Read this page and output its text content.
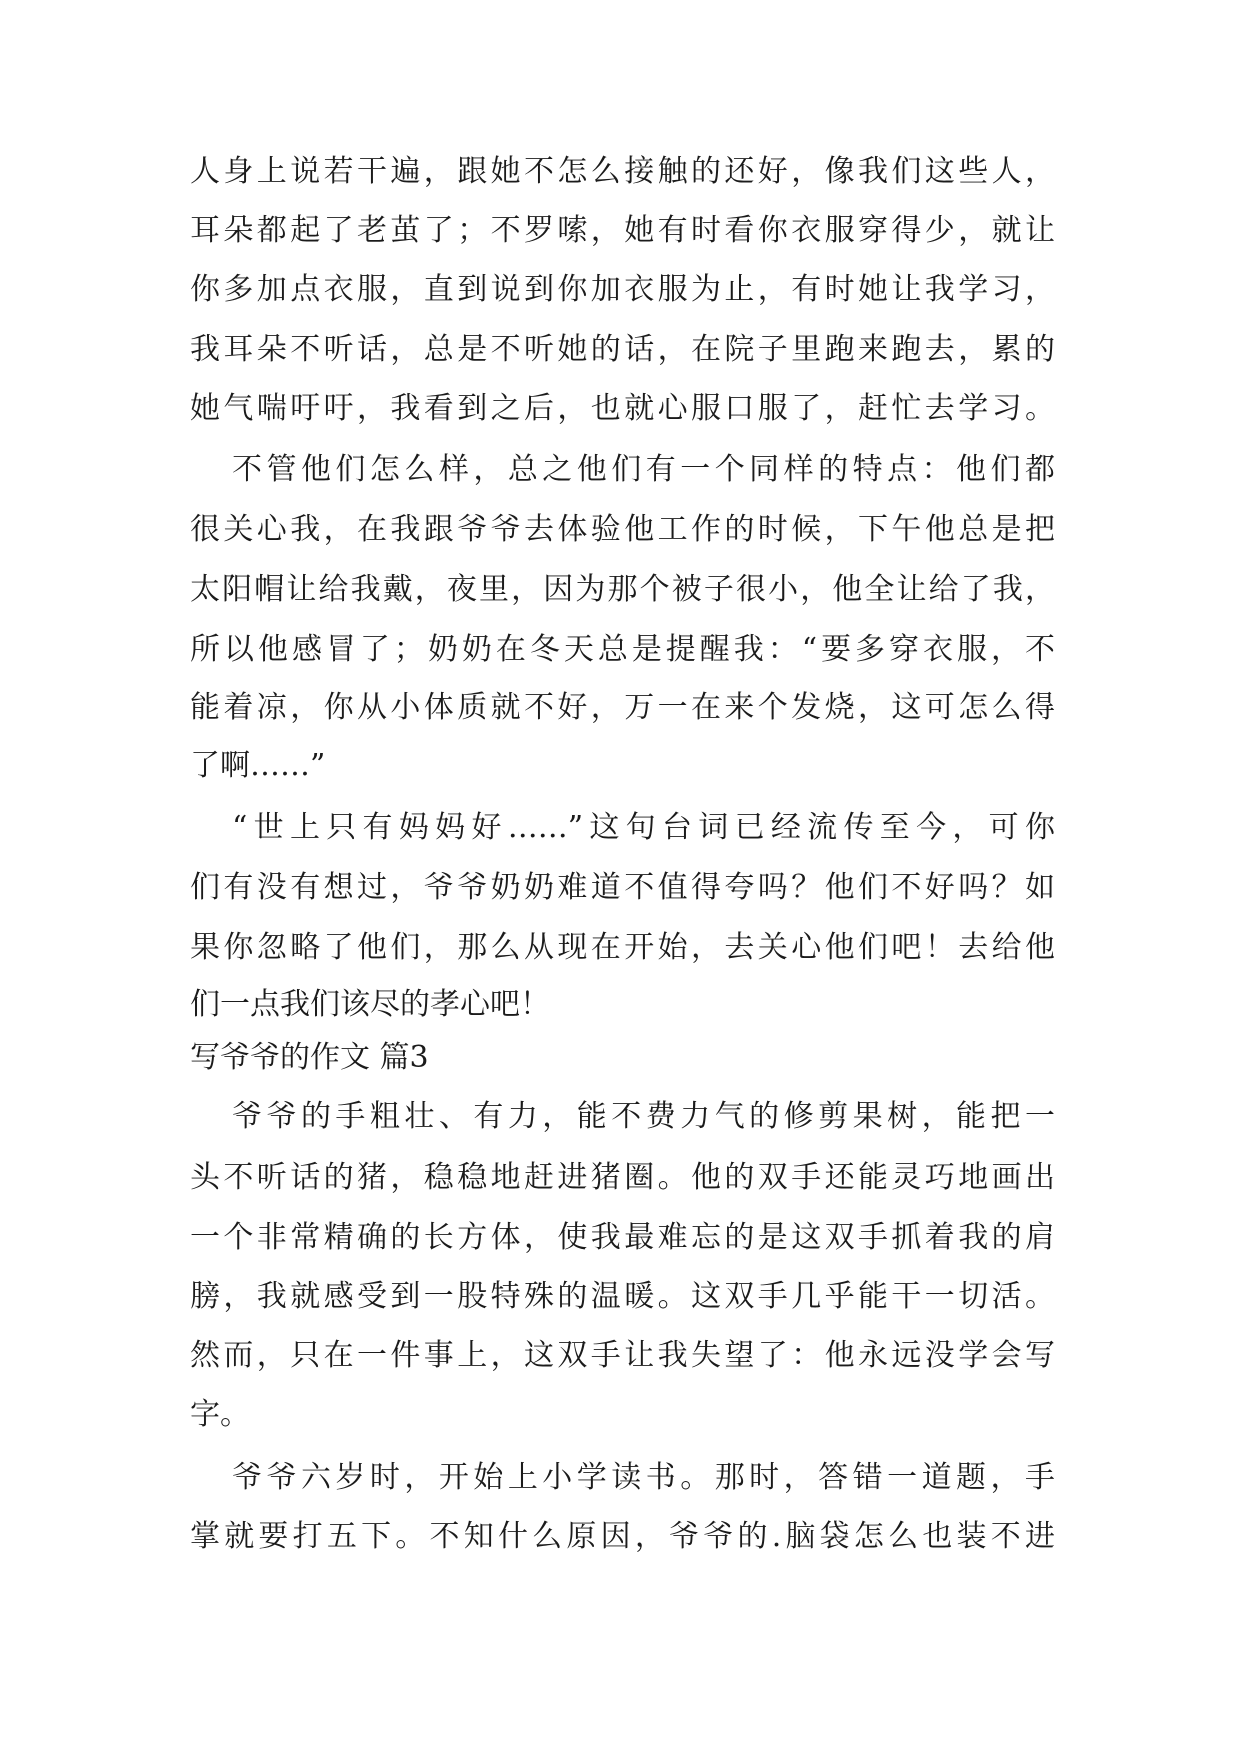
人身上说若干遍，跟她不怎么接触的还好，像我们这些人，
耳朵都起了老茧了；不罗嗦，她有时看你衣服穿得少，就让
你多加点衣服，直到说到你加衣服为止，有时她让我学习，
我耳朵不听话，总是不听她的话，在院子里跑来跑去，累的
她气喘吁吁，我看到之后，也就心服口服了，赶忙去学习。
不管他们怎么样，总之他们有一个同样的特点：他们都
很关心我，在我跟爷爷去体验他工作的时候，下午他总是把
太阳帽让给我戴，夜里，因为那个被子很小，他全让给了我，
所以他感冒了；奶奶在冬天总是提醒我：“要多穿衣服，不
能着凉，你从小体质就不好，万一在来个发烧，这可怎么得
了啊……”
“世上只有妈妈好……”这句台词已经流传至今，可你
们有没有想过，爷爷奶奶难道不值得夸吗？他们不好吗？如
果你忽略了他们，那么从现在开始，去关心他们吧！去给他
们一点我们该尽的孝心吧！
写爷爷的作文 篇3
爷爷的手粗壮、有力，能不费力气的修剪果树，能把一
头不听话的猪，稳稳地赶进猪圈。他的双手还能灵巧地画出
一个非常精确的长方体，使我最难忘的是这双手抓着我的肩
膀，我就感受到一股特殊的温暖。这双手几乎能干一切活。
然而，只在一件事上，这双手让我失望了：他永远没学会写
字。
爷爷六岁时，开始上小学读书。那时，答错一道题，手
掌就要打五下。不知什么原因，爷爷的.脑袋怎么也装不进
